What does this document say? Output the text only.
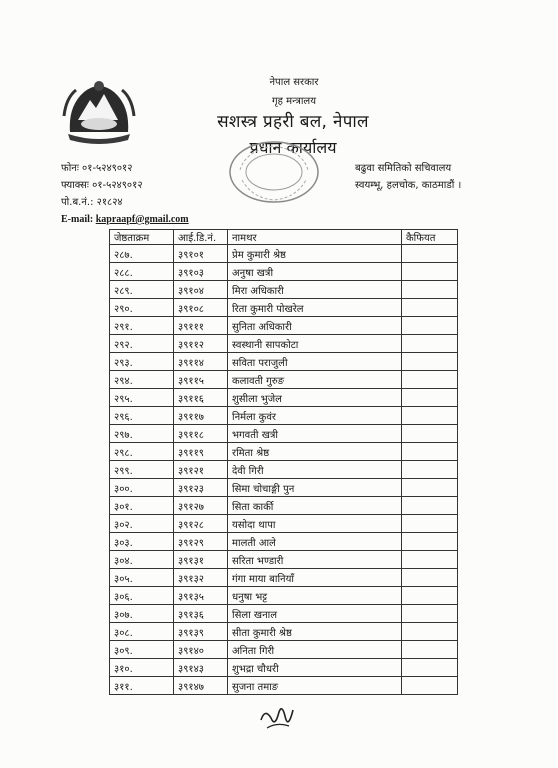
नेपाल सरकार
गृह मन्त्रालय
सशस्त्र प्रहरी बल, नेपाल
प्रधान कार्यालय
फोनः ०१-५२४९०१२
फ्याक्सः ०१-५२४९०१२
पो.ब.नं.: २१८२४
E-mail: kapraapf@gmail.com
बढुवा समितिको सचिवालय
स्वयम्भू, हलचोक, काठमाडौं ।
जेष्ठताक्रम	आई.डि.नं.	नामथर	कैफियत
२८७.	३९१०१	प्रेम कुमारी श्रेष्ठ	
२८८.	३९१०३	अनुषा खत्री	
२८९.	३९१०४	मिरा अधिकारी	
२९०.	३९१०८	रिता कुमारी पोखरेल	
२९१.	३९१११	सुनिता अधिकारी	
२९२.	३९११२	स्वस्थानी सापकोटा	
२९३.	३९११४	सविता पराजुली	
२९४.	३९११५	कलावती गुरुङ	
२९५.	३९११६	शुसीला भुजेल	
२९६.	३९११७	निर्मला कुवंर	
२९७.	३९११८	भगवती खत्री	
२९८.	३९११९	रमिता श्रेष्ठ	
२९९.	३९१२१	देवी गिरी	
३००.	३९१२३	सिमा चोचाङ्गी पुन	
३०१.	३९१२७	सिता कार्की	
३०२.	३९१२८	यसोदा थापा	
३०३.	३९१२९	मालती आले	
३०४.	३९१३१	सरिता भण्डारी	
३०५.	३९१३२	गंगा माया बानियाँ	
३०६.	३९१३५	धनुषा भट्ट	
३०७.	३९१३६	सिला खनाल	
३०८.	३९१३९	सीता कुमारी श्रेष्ठ	
३०९.	३९१४०	अनिता गिरी	
३१०.	३९१४३	शुभद्रा चौधरी	
३११.	३९१४७	सुजना तमाङ	
